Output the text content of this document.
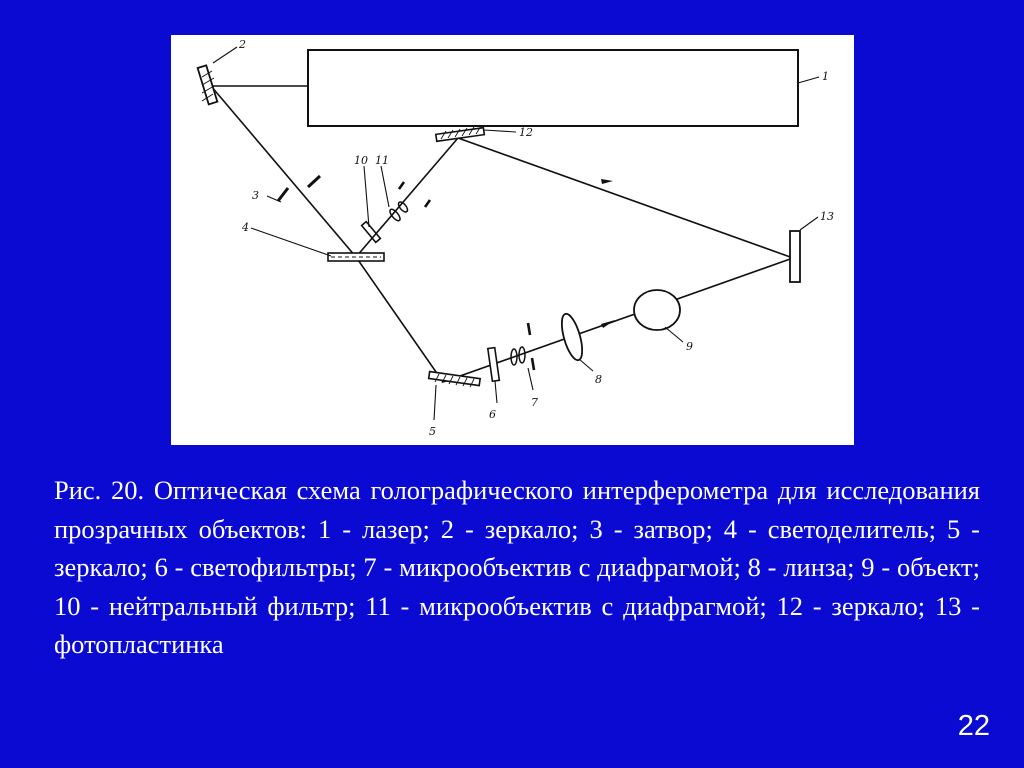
1
2
3
4
5
6
7
8
9
10 11
12
13

Рис. 20. Оптическая схема голографического интерферометра для исследования прозрачных объектов: 1 - лазер; 2 - зеркало; 3 - затвор; 4 - светоделитель; 5 - зеркало; 6 - светофильтры; 7 - микрообъектив с диафрагмой; 8 - линза; 9 - объект; 10 - нейтральный фильтр; 11 - микрообъектив с диафрагмой; 12 - зеркало; 13 - фотопластинка

22
